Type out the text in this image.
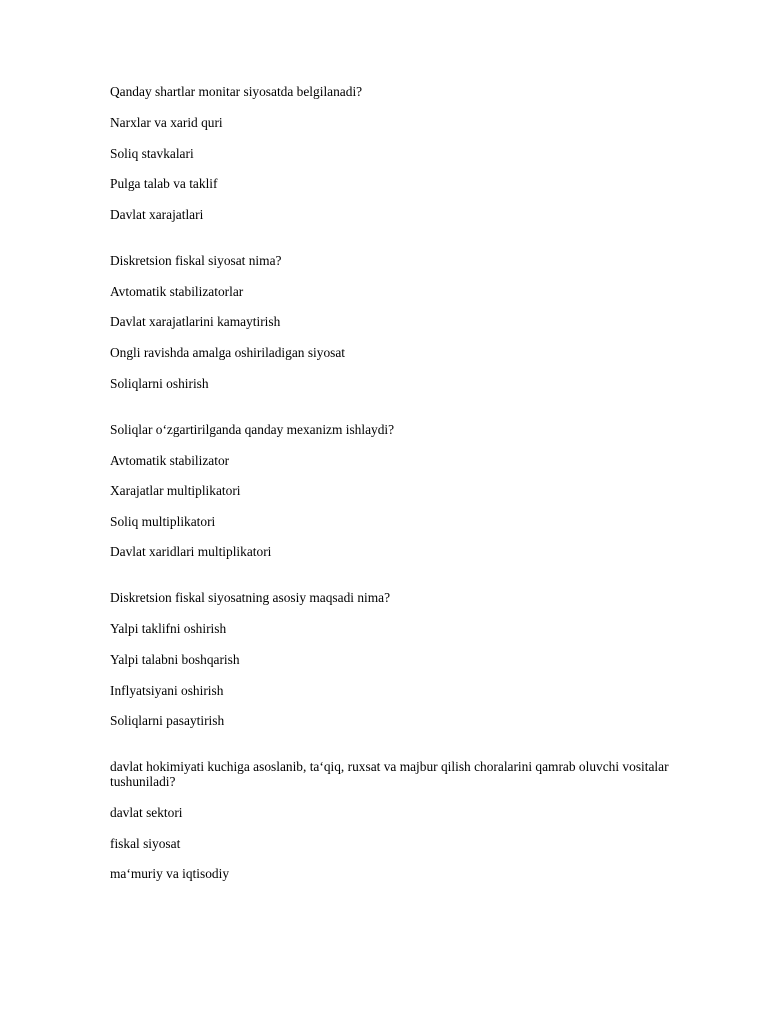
Qanday shartlar monitar siyosatda belgilanadi?

Narxlar va xarid quri

Soliq stavkalari

Pulga talab va taklif

Davlat xarajatlari

Diskretsion fiskal siyosat nima?

Avtomatik stabilizatorlar

Davlat xarajatlarini kamaytirish

Ongli ravishda amalga oshiriladigan siyosat

Soliqlarni oshirish

Soliqlar oʻzgartirilganda qanday mexanizm ishlaydi?

Avtomatik stabilizator

Xarajatlar multiplikatori

Soliq multiplikatori

Davlat xaridlari multiplikatori

Diskretsion fiskal siyosatning asosiy maqsadi nima?

Yalpi taklifni oshirish

Yalpi talabni boshqarish

Inflyatsiyani oshirish

Soliqlarni pasaytirish

davlat hokimiyati kuchiga asoslanib, taʻqiq, ruxsat va majbur qilish choralarini qamrab oluvchi vositalar tushuniladi?

davlat sektori

fiskal siyosat

maʻmuriy va iqtisodiy
